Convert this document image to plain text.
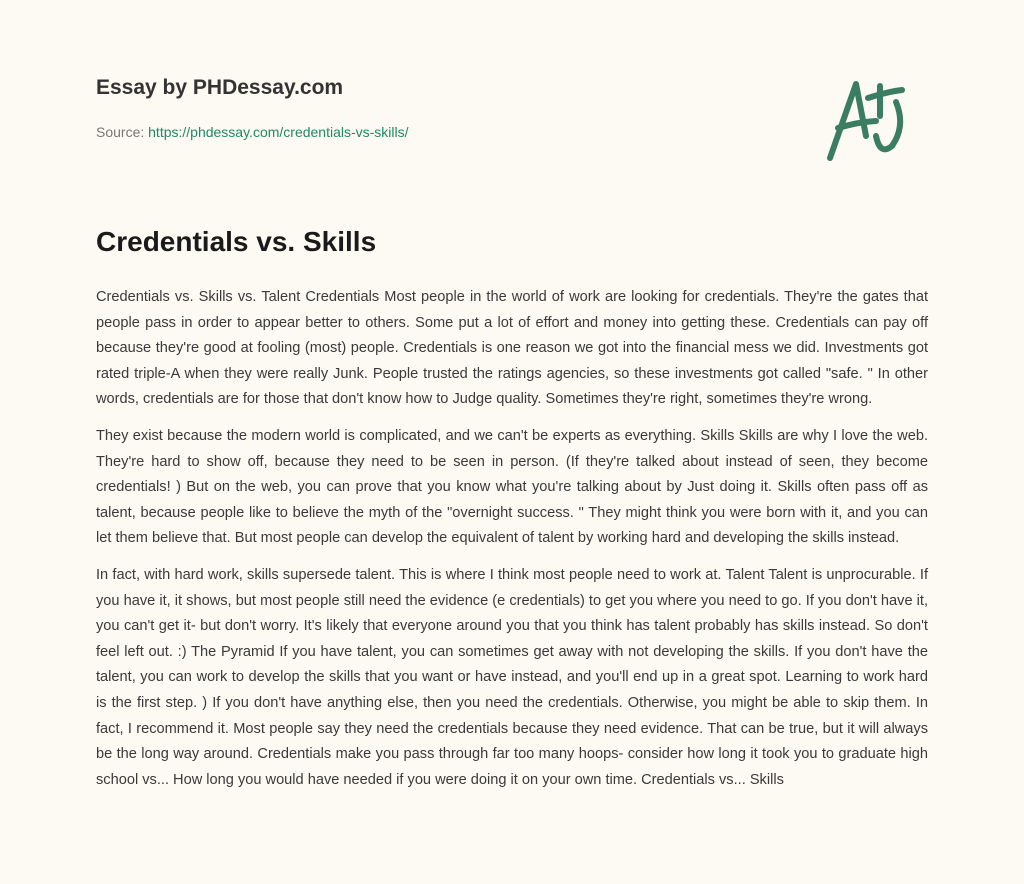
Essay by PHDessay.com
Source: https://phdessay.com/credentials-vs-skills/
Credentials vs. Skills

Credentials vs. Skills vs. Talent Credentials Most people in the world of work are looking for credentials. They're the gates that people pass in order to appear better to others. Some put a lot of effort and money into getting these. Credentials can pay off because they're good at fooling (most) people. Credentials is one reason we got into the financial mess we did. Investments got rated triple-A when they were really Junk. People trusted the ratings agencies, so these investments got called "safe. " In other words, credentials are for those that don't know how to Judge quality. Sometimes they're right, sometimes they're wrong.

They exist because the modern world is complicated, and we can't be experts as everything. Skills Skills are why I love the web. They're hard to show off, because they need to be seen in person. (If they're talked about instead of seen, they become credentials! ) But on the web, you can prove that you know what you're talking about by Just doing it. Skills often pass off as talent, because people like to believe the myth of the "overnight success. " They might think you were born with it, and you can let them believe that. But most people can develop the equivalent of talent by working hard and developing the skills instead.

In fact, with hard work, skills supersede talent. This is where I think most people need to work at. Talent Talent is unprocurable. If you have it, it shows, but most people still need the evidence (e credentials) to get you where you need to go. If you don't have it, you can't get it- but don't worry. It's likely that everyone around you that you think has talent probably has skills instead. So don't feel left out. :) The Pyramid If you have talent, you can sometimes get away with not developing the skills. If you don't have the talent, you can work to develop the skills that you want or have instead, and you'll end up in a great spot. Learning to work hard is the first step. ) If you don't have anything else, then you need the credentials. Otherwise, you might be able to skip them. In fact, I recommend it. Most people say they need the credentials because they need evidence. That can be true, but it will always be the long way around. Credentials make you pass through far too many hoops- consider how long it took you to graduate high school vs... How long you would have needed if you were doing it on your own time. Credentials vs... Skills
